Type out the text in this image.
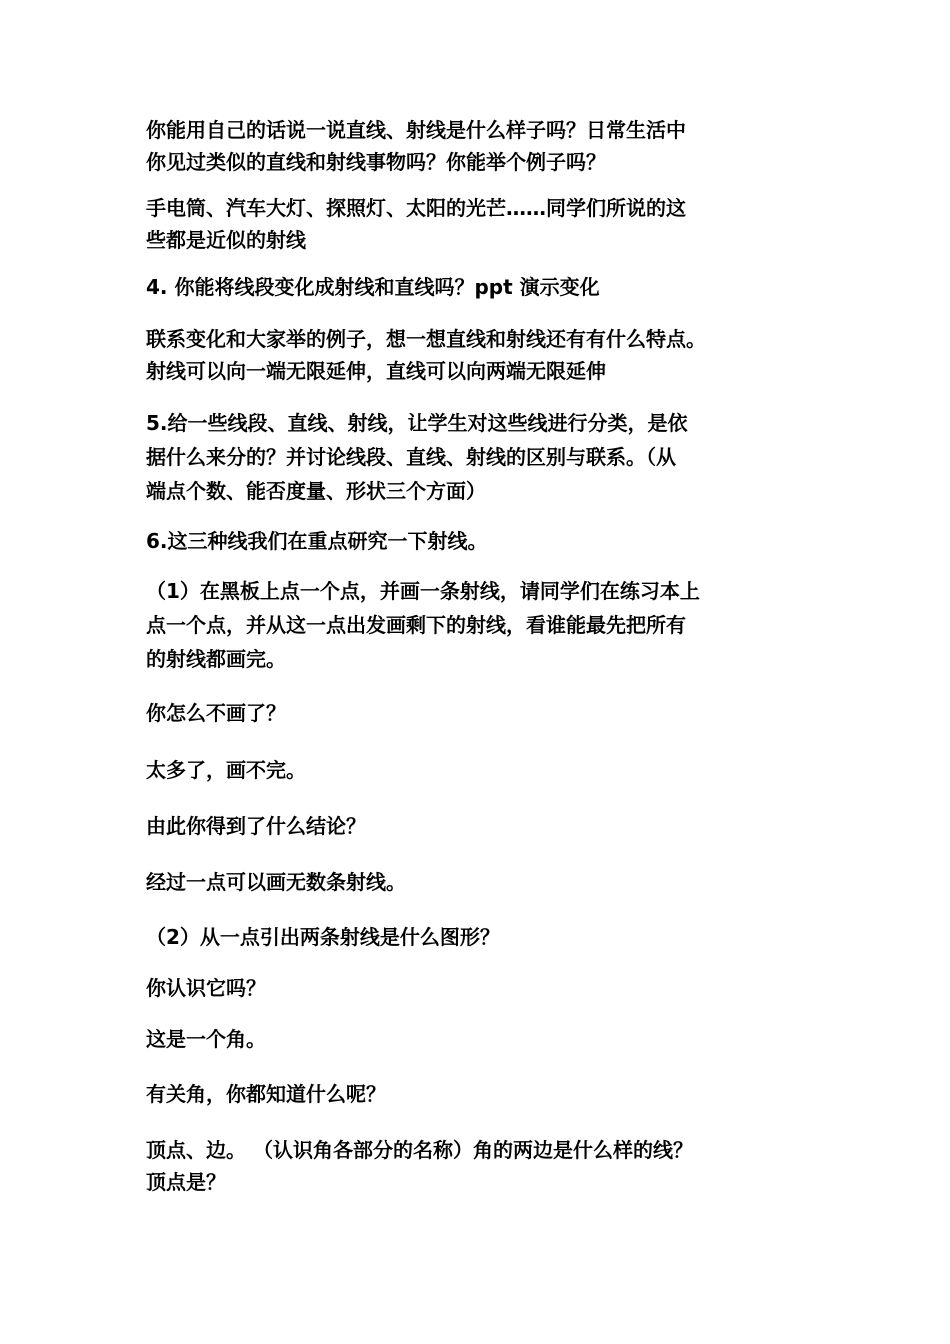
你能用自己的话说一说直线、射线是什么样子吗？日常生活中
你见过类似的直线和射线事物吗？你能举个例子吗？

手电筒、汽车大灯、探照灯、太阳的光芒……同学们所说的这
些都是近似的射线

4. 你能将线段变化成射线和直线吗？ppt 演示变化

联系变化和大家举的例子，想一想直线和射线还有有什么特点。
射线可以向一端无限延伸，直线可以向两端无限延伸

5.给一些线段、直线、射线，让学生对这些线进行分类，是依
据什么来分的？并讨论线段、直线、射线的区别与联系。（从
端点个数、能否度量、形状三个方面）

6.这三种线我们在重点研究一下射线。

（1）在黑板上点一个点，并画一条射线，请同学们在练习本上
点一个点，并从这一点出发画剩下的射线，看谁能最先把所有
的射线都画完。

你怎么不画了？

太多了，画不完。

由此你得到了什么结论？

经过一点可以画无数条射线。

（2）从一点引出两条射线是什么图形？

你认识它吗？

这是一个角。

有关角，你都知道什么呢？

顶点、边。 （认识角各部分的名称）角的两边是什么样的线？
顶点是？
